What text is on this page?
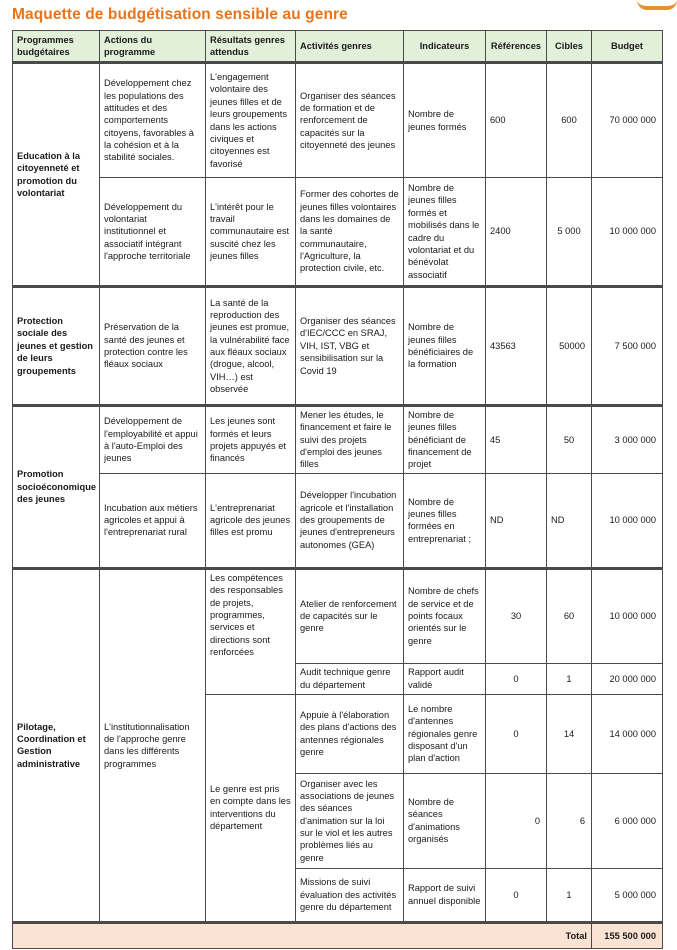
Maquette de budgétisation sensible au genre
Programmes budgétaires	Actions du programme	Résultats genres attendus	Activités genres	Indicateurs	Références	Cibles	Budget
Education à la citoyenneté et promotion du volontariat	Développement chez les populations des attitudes et des comportements citoyens, favorables à la cohésion et à la stabilité sociales.	L'engagement volontaire des jeunes filles et de leurs groupements dans les actions civiques et citoyennes est favorisé	Organiser des séances de formation et de renforcement de capacités sur la citoyenneté des jeunes	Nombre de jeunes formés	600	600	70 000 000
	Développement du volontariat institutionnel et associatif intégrant l'approche territoriale	L'intérêt pour le travail communautaire est suscité chez les jeunes filles	Former des cohortes de jeunes filles volontaires dans les domaines de la santé communautaire, l'Agriculture, la protection civile, etc.	Nombre de jeunes filles formés et mobilisés dans le cadre du volontariat et du bénévolat associatif	2400	5 000	10 000 000
Protection sociale des jeunes et gestion de leurs groupements	Préservation de la santé des jeunes et protection contre les fléaux sociaux	La santé de la reproduction des jeunes est promue, la vulnérabilité face aux fléaux sociaux (drogue, alcool, VIH…) est observée	Organiser des séances d'IEC/CCC en SRAJ, VIH, IST, VBG et sensibilisation sur la Covid 19	Nombre de jeunes filles bénéficiaires de la formation	43563	50000	7 500 000
Promotion socioéconomique des jeunes	Développement de l'employabilité et appui à l'auto-Emploi des jeunes	Les jeunes sont formés et leurs projets appuyés et financés	Mener les études, le financement et faire le suivi des projets d'emploi des jeunes filles	Nombre de jeunes filles bénéficiant de financement de projet	45	50	3 000 000
	Incubation aux métiers agricoles et appui à l'entreprenariat rural	L'entreprenariat agricole des jeunes filles est promu	Développer l'incubation agricole et l'installation des groupements de jeunes d'entrepreneurs autonomes (GEA)	Nombre de jeunes filles formées en entreprenariat ;	ND	ND	10 000 000
Pilotage, Coordination et Gestion administrative	L'institutionnalisation de l'approche genre dans les différents programmes	Les compétences des responsables de projets, programmes, services et directions sont renforcées	Atelier de renforcement de capacités sur le genre	Nombre de chefs de service et de points focaux orientés sur le genre	30	60	10 000 000
			Audit technique genre du département	Rapport audit validé	0	1	20 000 000
		Le genre est pris en compte dans les interventions du département	Appuie à l'élaboration des plans d'actions des antennes régionales genre	Le nombre d'antennes régionales genre disposant d'un plan d'action	0	14	14 000 000
			Organiser avec les associations de jeunes des séances d'animation sur la loi sur le viol et les autres problèmes liés au genre	Nombre de séances d'animations organisés	0	6	6 000 000
			Missions de suivi évaluation des activités genre du département	Rapport de suivi annuel disponible	0	1	5 000 000
Total							155 500 000
